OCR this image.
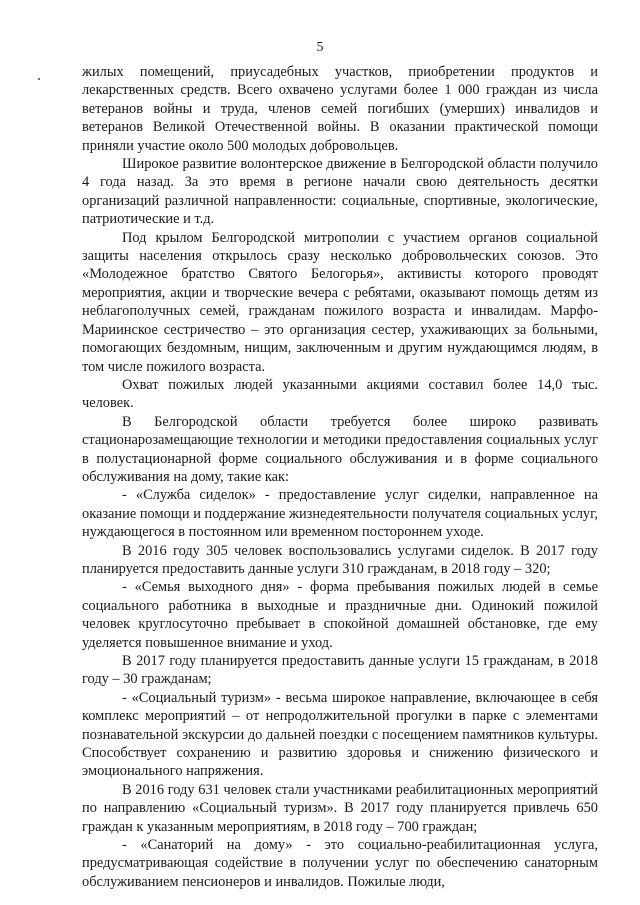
5

жилых помещений, приусадебных участков, приобретении продуктов и лекарственных средств. Всего охвачено услугами более 1 000 граждан из числа ветеранов войны и труда, членов семей погибших (умерших) инвалидов и ветеранов Великой Отечественной войны. В оказании практической помощи приняли участие около 500 молодых добровольцев.

Широкое развитие волонтерское движение в Белгородской области получило 4 года назад. За это время в регионе начали свою деятельность десятки организаций различной направленности: социальные, спортивные, экологические, патриотические и т.д.

Под крылом Белгородской митрополии с участием органов социальной защиты населения открылось сразу несколько добровольческих союзов. Это «Молодежное братство Святого Белогорья», активисты которого проводят мероприятия, акции и творческие вечера с ребятами, оказывают помощь детям из неблагополучных семей, гражданам пожилого возраста и инвалидам. Марфо-Мариинское сестричество – это организация сестер, ухаживающих за больными, помогающих бездомным, нищим, заключенным и другим нуждающимся людям, в том числе пожилого возраста.

Охват пожилых людей указанными акциями составил более 14,0 тыс. человек.

В Белгородской области требуется более широко развивать стационарозамещающие технологии и методики предоставления социальных услуг в полустационарной форме социального обслуживания и в форме социального обслуживания на дому, такие как:

- «Служба сиделок» - предоставление услуг сиделки, направленное на оказание помощи и поддержание жизнедеятельности получателя социальных услуг, нуждающегося в постоянном или временном постороннем уходе.

В 2016 году 305 человек воспользовались услугами сиделок. В 2017 году планируется предоставить данные услуги 310 гражданам, в 2018 году – 320;

- «Семья выходного дня» - форма пребывания пожилых людей в семье социального работника в выходные и праздничные дни. Одинокий пожилой человек круглосуточно пребывает в спокойной домашней обстановке, где ему уделяется повышенное внимание и уход.

В 2017 году планируется предоставить данные услуги 15 гражданам, в 2018 году – 30 гражданам;

- «Социальный туризм» - весьма широкое направление, включающее в себя комплекс мероприятий – от непродолжительной прогулки в парке с элементами познавательной экскурсии до дальней поездки с посещением памятников культуры. Способствует сохранению и развитию здоровья и снижению физического и эмоционального напряжения.

В 2016 году 631 человек стали участниками реабилитационных мероприятий по направлению «Социальный туризм». В 2017 году планируется привлечь 650 граждан к указанным мероприятиям, в 2018 году – 700 граждан;

- «Санаторий на дому» - это социально-реабилитационная услуга, предусматривающая содействие в получении услуг по обеспечению санаторным обслуживанием пенсионеров и инвалидов. Пожилые люди,
